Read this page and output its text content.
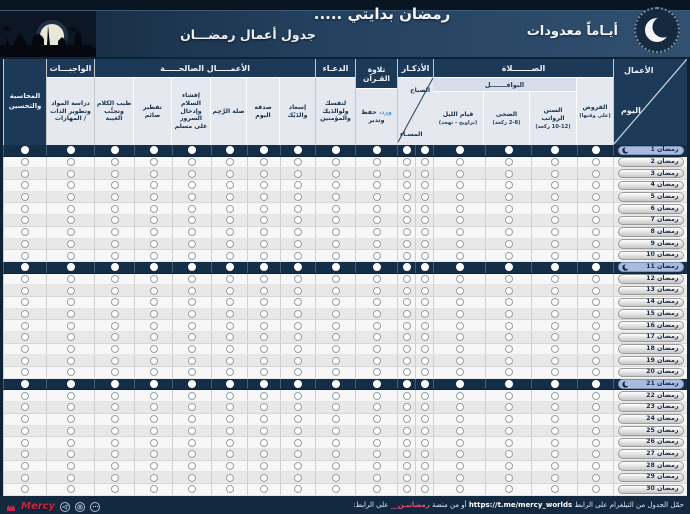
رمضان بدايتي .....
جدول أعمال رمضـــان	أيـاماً معدودات
الأعمال
اليوم
الصـــــــلاة
الفروض
(على وقتها)
النوافـــــــل
السنن الرواتب
(10-12 ركعة)
الضحى
(2-8 ركعة)
قيام الليل
(تراويح - تهجد)
الأذكـار
الصباح
المسـاء
تلاوة القـرآن
ورد، حفظ وتدبر
الدعـاء
لنفسك ولوالدَيك والمؤمنين
الأعمـــــال الصالحـــــة
إسعاد والدَيْك
صدقة اليوم
صلة الرَّحِم
إفشاء السلام وإدخال السرور على مسلم
تفطير صائم
طيب الكلام وتجنُّب الغيبة
الواجبـــات
دراسة المواد وتطوير الذات / المهارات
المحاسبة والتحسين
1 رمضان
2 رمضان
3 رمضان
4 رمضان
5 رمضان
6 رمضان
7 رمضان
8 رمضان
9 رمضان
10 رمضان
11 رمضان
12 رمضان
13 رمضان
14 رمضان
15 رمضان
16 رمضان
17 رمضان
18 رمضان
19 رمضان
20 رمضان
21 رمضان
22 رمضان
23 رمضان
24 رمضان
25 رمضان
26 رمضان
27 رمضان
28 رمضان
29 رمضان
30 رمضان
حمّل الجدول من التيلغرام على الرابط https://t.me/mercy_worlds أو من منصة رمضانيـن__ على الرابط:
Mercy
